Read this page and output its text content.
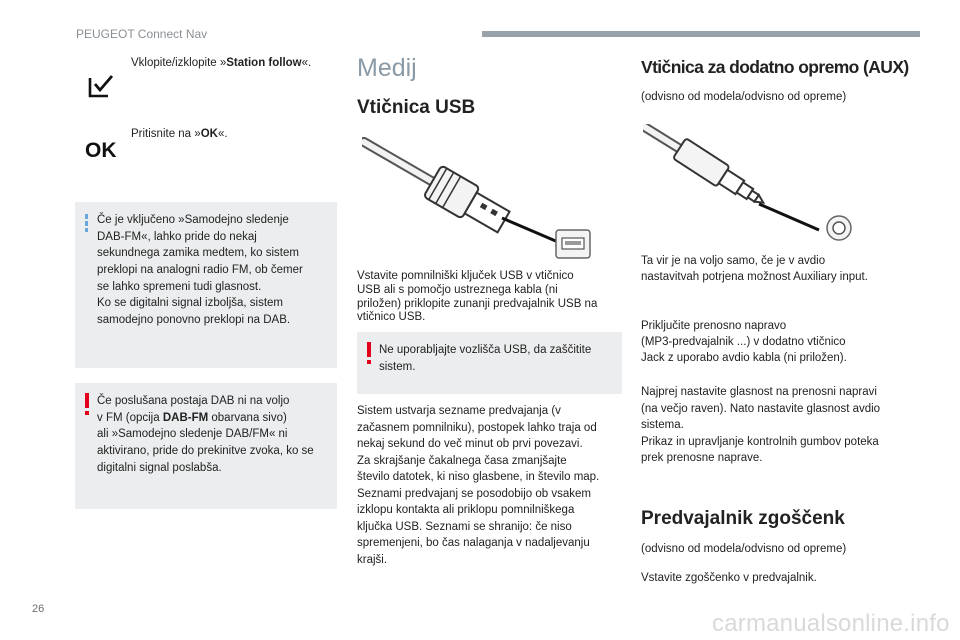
PEUGEOT Connect Nav
Vklopite/izklopite »Station follow«.
OK
Pritisnite na »OK«.
Če je vključeno »Samodejno sledenje
DAB-FM«, lahko pride do nekaj
sekundnega zamika medtem, ko sistem
preklopi na analogni radio FM, ob čemer
se lahko spremeni tudi glasnost.
Ko se digitalni signal izboljša, sistem
samodejno ponovno preklopi na DAB.
Če poslušana postaja DAB ni na voljo
v FM (opcija DAB-FM obarvana sivo)
ali »Samodejno sledenje DAB/FM« ni
aktivirano, pride do prekinitve zvoka, ko se
digitalni signal poslabša.
Medij
Vtičnica USB
Vstavite pomnilniški ključek USB v vtičnico
USB ali s pomočjo ustreznega kabla (ni
priložen) priklopite zunanji predvajalnik USB na
vtičnico USB.
Ne uporabljajte vozlišča USB, da zaščitite
sistem.
Sistem ustvarja sezname predvajanja (v
začasnem pomnilniku), postopek lahko traja od
nekaj sekund do več minut ob prvi povezavi.
Za skrajšanje čakalnega časa zmanjšajte
število datotek, ki niso glasbene, in število map.
Seznami predvajanj se posodobijo ob vsakem
izklopu kontakta ali priklopu pomnilniškega
ključka USB. Seznami se shranijo: če niso
spremenjeni, bo čas nalaganja v nadaljevanju
krajši.
Vtičnica za dodatno opremo (AUX)
(odvisno od modela/odvisno od opreme)
Ta vir je na voljo samo, če je v avdio
nastavitvah potrjena možnost Auxiliary input.
Priključite prenosno napravo
(MP3-predvajalnik ...) v dodatno vtičnico
Jack z uporabo avdio kabla (ni priložen).
Najprej nastavite glasnost na prenosni napravi
(na večjo raven). Nato nastavite glasnost avdio
sistema.
Prikaz in upravljanje kontrolnih gumbov poteka
prek prenosne naprave.
Predvajalnik zgoščenk
(odvisno od modela/odvisno od opreme)
Vstavite zgoščenko v predvajalnik.
26
carmanualsonline.info
